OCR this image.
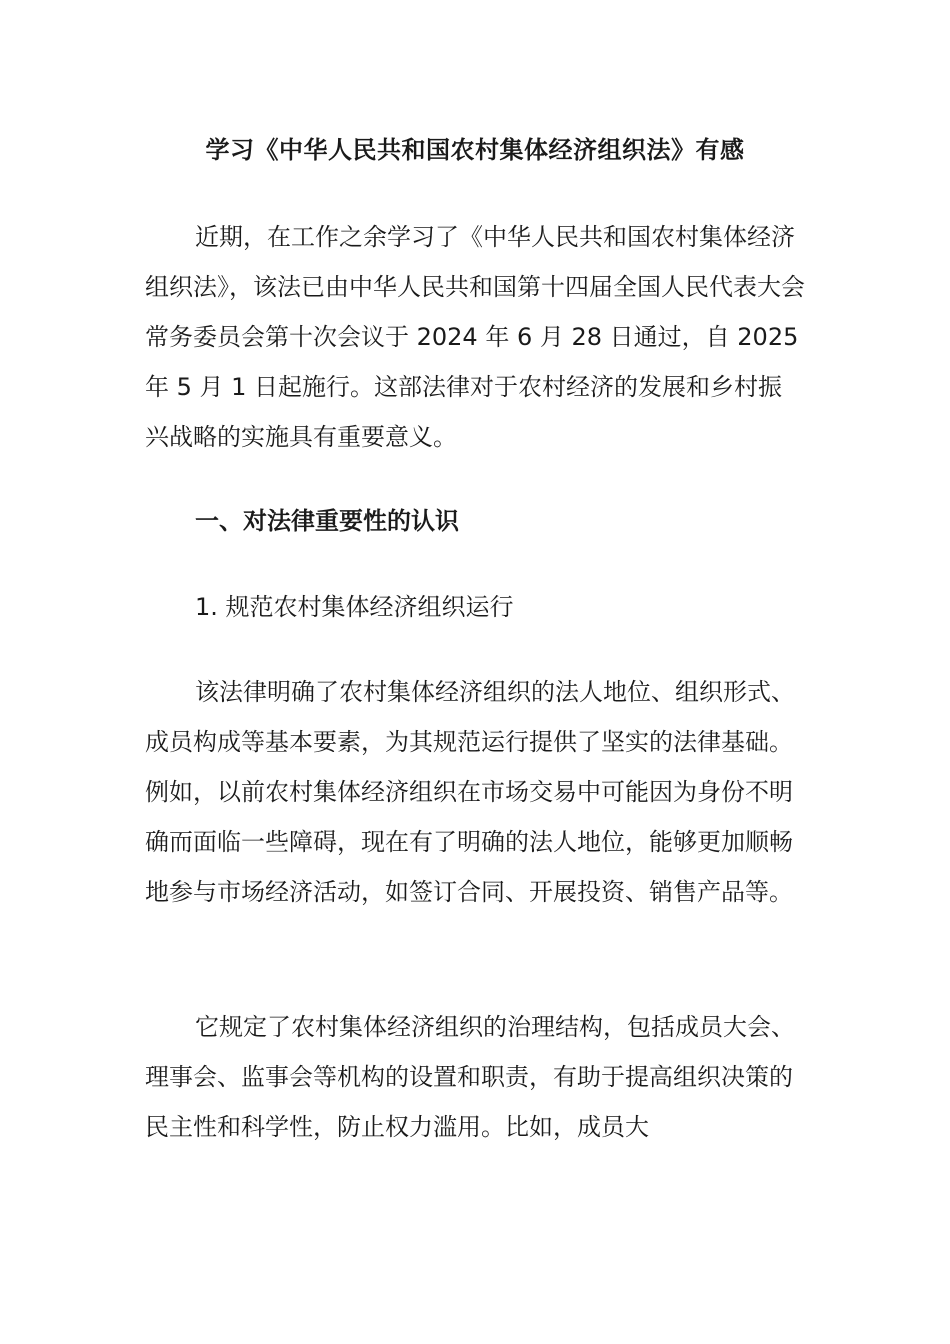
学习《中华人民共和国农村集体经济组织法》有感

近期，在工作之余学习了《中华人民共和国农村集体经济组织法》，该法已由中华人民共和国第十四届全国人民代表大会常务委员会第十次会议于 2024 年 6 月 28 日通过，自 2025 年 5 月 1 日起施行。这部法律对于农村经济的发展和乡村振兴战略的实施具有重要意义。

一、对法律重要性的认识

1. 规范农村集体经济组织运行

该法律明确了农村集体经济组织的法人地位、组织形式、成员构成等基本要素，为其规范运行提供了坚实的法律基础。例如，以前农村集体经济组织在市场交易中可能因为身份不明确而面临一些障碍，现在有了明确的法人地位，能够更加顺畅地参与市场经济活动，如签订合同、开展投资、销售产品等。

它规定了农村集体经济组织的治理结构，包括成员大会、理事会、监事会等机构的设置和职责，有助于提高组织决策的民主性和科学性，防止权力滥用。比如，成员大
